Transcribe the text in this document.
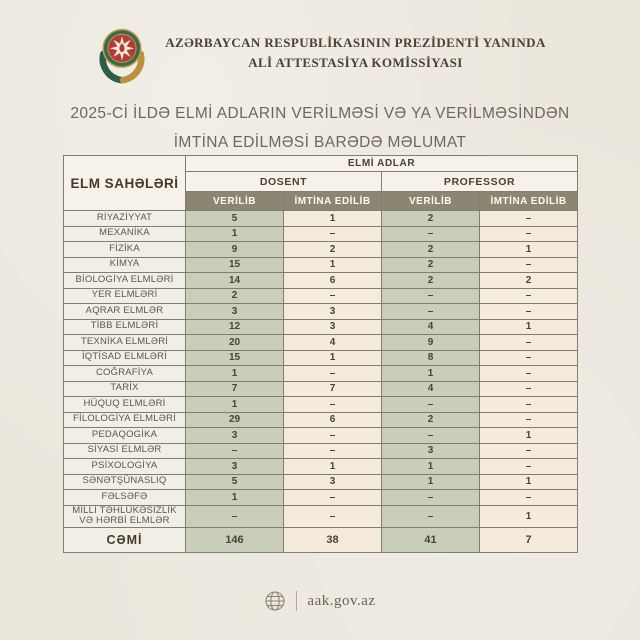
AZƏRBAYCAN RESPUBLİKASININ PREZİDENTİ YANINDA
ALİ ATTESTASİYA KOMİSSİYASI
2025-Cİ İLDƏ ELMİ ADLARIN VERİLMƏSİ VƏ YA VERİLMƏSİNDƏN
İMTİNA EDİLMƏSİ BARƏDƏ MƏLUMAT
ELM SAHƏLƏRİ	ELMİ ADLAR			
	DOSENT		PROFESSOR	
	VERİLİB	İMTİNA EDİLİB	VERİLİB	İMTİNA EDİLİB
RİYAZİYYAT	5	1	2	–
MEXANİKA	1	–	–	–
FİZİKA	9	2	2	1
KİMYA	15	1	2	–
BİOLOGİYA ELMLƏRİ	14	6	2	2
YER ELMLƏRİ	2	–	–	–
AQRAR ELMLƏR	3	3	–	–
TİBB ELMLƏRİ	12	3	4	1
TEXNİKA ELMLƏRİ	20	4	9	–
İQTİSAD ELMLƏRİ	15	1	8	–
COĞRAFİYA	1	–	1	–
TARİX	7	7	4	–
HÜQUQ ELMLƏRİ	1	–	–	–
FİLOLOGİYA ELMLƏRİ	29	6	2	–
PEDAQOGİKA	3	–	–	1
SİYASİ ELMLƏR	–	–	3	–
PSİXOLOGİYA	3	1	1	–
SƏNƏTŞÜNASLIQ	5	3	1	1
FƏLSƏFƏ	1	–	–	–
MİLLİ TƏHLÜKƏSİZLİK VƏ HƏRBİ ELMLƏR	–	–	–	1
CƏMİ	146	38	41	7
aak.gov.az
